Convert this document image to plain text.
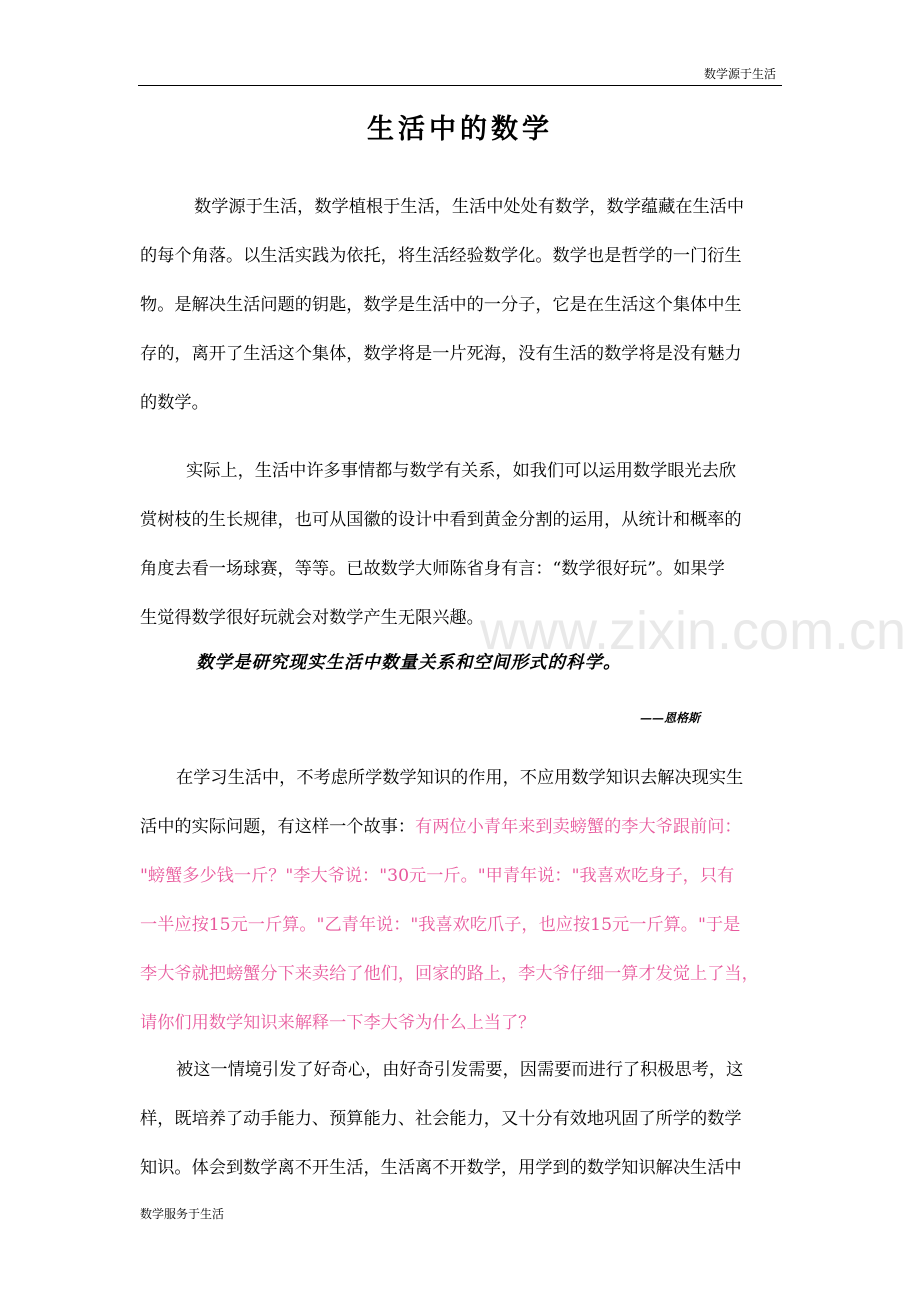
数学源于生活
生活中的数学
数学源于生活，数学植根于生活，生活中处处有数学，数学蕴藏在生活中
的每个角落。以生活实践为依托，将生活经验数学化。数学也是哲学的一门衍生
物。是解决生活问题的钥匙，数学是生活中的一分子，它是在生活这个集体中生
存的，离开了生活这个集体，数学将是一片死海，没有生活的数学将是没有魅力
的数学。
实际上，生活中许多事情都与数学有关系，如我们可以运用数学眼光去欣
赏树枝的生长规律，也可从国徽的设计中看到黄金分割的运用，从统计和概率的
角度去看一场球赛，等等。已故数学大师陈省身有言：“数学很好玩”。如果学
生觉得数学很好玩就会对数学产生无限兴趣。
www.zixin.com.cn
数学是研究现实生活中数量关系和空间形式的科学。
——恩格斯
在学习生活中，不考虑所学数学知识的作用，不应用数学知识去解决现实生
活中的实际问题，有这样一个故事：有两位小青年来到卖螃蟹的李大爷跟前问：
"螃蟹多少钱一斤？"李大爷说："30元一斤。"甲青年说："我喜欢吃身子，只有
一半应按15元一斤算。"乙青年说："我喜欢吃爪子，也应按15元一斤算。"于是
李大爷就把螃蟹分下来卖给了他们，回家的路上，李大爷仔细一算才发觉上了当，
请你们用数学知识来解释一下李大爷为什么上当了？
被这一情境引发了好奇心，由好奇引发需要，因需要而进行了积极思考，这
样，既培养了动手能力、预算能力、社会能力，又十分有效地巩固了所学的数学
知识。体会到数学离不开生活，生活离不开数学，用学到的数学知识解决生活中
数学服务于生活
